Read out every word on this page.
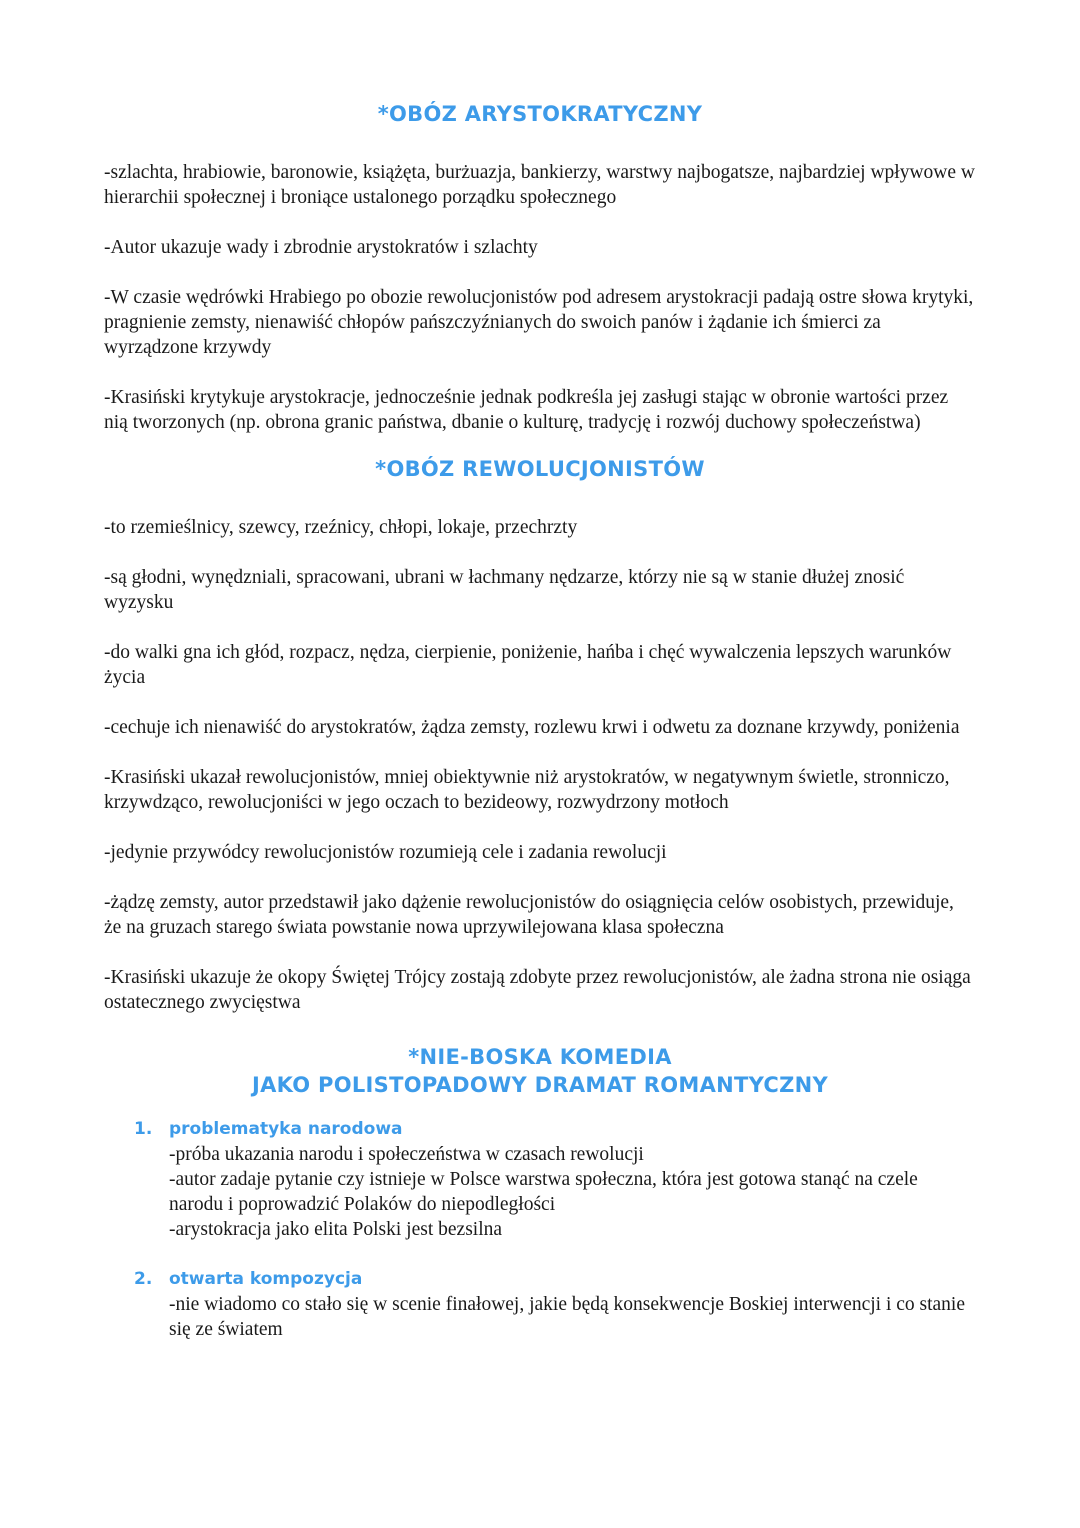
*OBÓZ ARYSTOKRATYCZNY

-szlachta, hrabiowie, baronowie, książęta, burżuazja, bankierzy, warstwy najbogatsze, najbardziej wpływowe w hierarchii społecznej i broniące ustalonego porządku społecznego

-Autor ukazuje wady i zbrodnie arystokratów i szlachty

-W czasie wędrówki Hrabiego po obozie rewolucjonistów pod adresem arystokracji padają ostre słowa krytyki, pragnienie zemsty, nienawiść chłopów pańszczyźnianych do swoich panów i żądanie ich śmierci za wyrządzone krzywdy

-Krasiński krytykuje arystokracje, jednocześnie jednak podkreśla jej zasługi stając w obronie wartości przez nią tworzonych (np. obrona granic państwa, dbanie o kulturę, tradycję i rozwój duchowy społeczeństwa)

*OBÓZ REWOLUCJONISTÓW

-to rzemieślnicy, szewcy, rzeźnicy, chłopi, lokaje, przechrzty

-są głodni, wynędzniali, spracowani, ubrani w łachmany nędzarze, którzy nie są w stanie dłużej znosić wyzysku

-do walki gna ich głód, rozpacz, nędza, cierpienie, poniżenie, hańba i chęć wywalczenia lepszych warunków życia

-cechuje ich nienawiść do arystokratów, żądza zemsty, rozlewu krwi i odwetu za doznane krzywdy, poniżenia

-Krasiński ukazał rewolucjonistów, mniej obiektywnie niż arystokratów, w negatywnym świetle, stronniczo, krzywdząco, rewolucjoniści w jego oczach to bezideowy, rozwydrzony motłoch

-jedynie przywódcy rewolucjonistów rozumieją cele i zadania rewolucji

-żądzę zemsty, autor przedstawił jako dążenie rewolucjonistów do osiągnięcia celów osobistych, przewiduje, że na gruzach starego świata powstanie nowa uprzywilejowana klasa społeczna

-Krasiński ukazuje że okopy Świętej Trójcy zostają zdobyte przez rewolucjonistów, ale żadna strona nie osiąga ostatecznego zwycięstwa

*NIE-BOSKA KOMEDIA
JAKO POLISTOPADOWY DRAMAT ROMANTYCZNY
1. problematyka narodowa

-próba ukazania narodu i społeczeństwa w czasach rewolucji

-autor zadaje pytanie czy istnieje w Polsce warstwa społeczna, która jest gotowa stanąć na czele narodu i poprowadzić Polaków do niepodległości

-arystokracja jako elita Polski jest bezsilna

2. otwarta kompozycja

-nie wiadomo co stało się w scenie finałowej, jakie będą konsekwencje Boskiej interwencji i co stanie się ze światem
